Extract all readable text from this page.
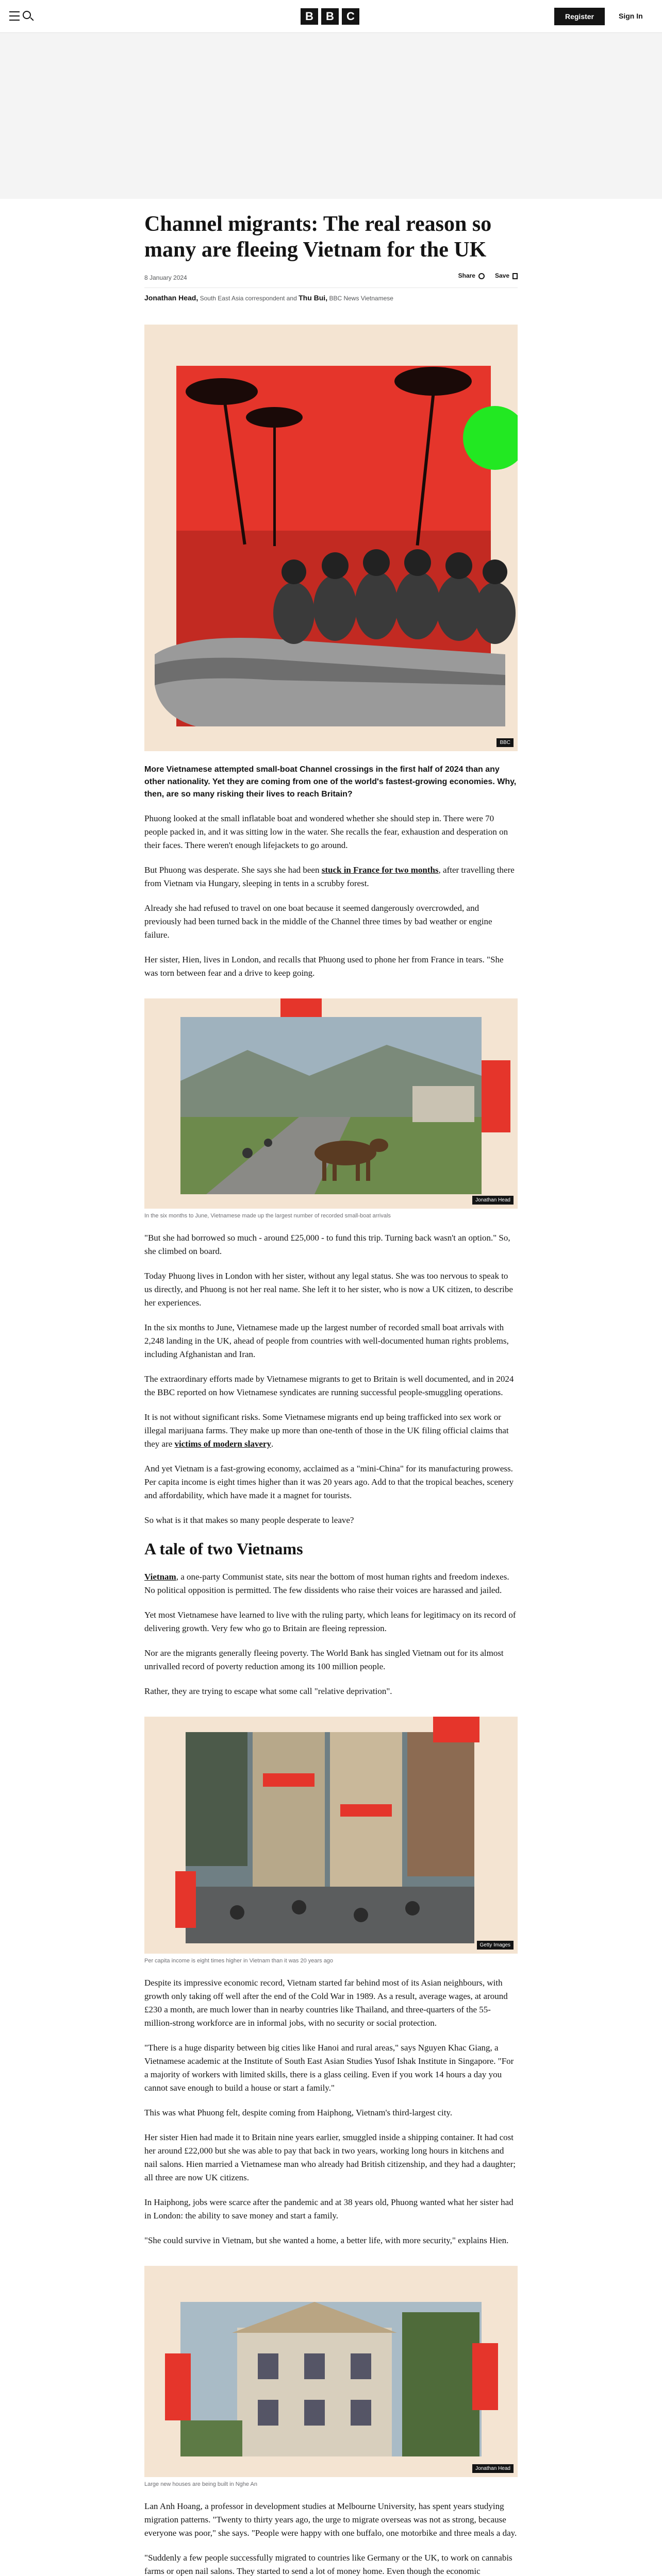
B	B	C	Register	Sign In
Channel migrants: The real reason so many are fleeing Vietnam for the UK
8 January 2024	Share	Save
Jonathan Head, South East Asia correspondent and Thu Bui, BBC News Vietnamese
BBC

More Vietnamese attempted small-boat Channel crossings in the first half of 2024 than any other nationality. Yet they are coming from one of the world's fastest-growing economies. Why, then, are so many risking their lives to reach Britain?

Phuong looked at the small inflatable boat and wondered whether she should step in. There were 70 people packed in, and it was sitting low in the water. She recalls the fear, exhaustion and desperation on their faces. There weren't enough lifejackets to go around.

But Phuong was desperate. She says she had been stuck in France for two months, after travelling there from Vietnam via Hungary, sleeping in tents in a scrubby forest.

Already she had refused to travel on one boat because it seemed dangerously overcrowded, and previously had been turned back in the middle of the Channel three times by bad weather or engine failure.

Her sister, Hien, lives in London, and recalls that Phuong used to phone her from France in tears. "She was torn between fear and a drive to keep going.

Jonathan Head

In the six months to June, Vietnamese made up the largest number of recorded small-boat arrivals

"But she had borrowed so much - around £25,000 - to fund this trip. Turning back wasn't an option." So, she climbed on board.

Today Phuong lives in London with her sister, without any legal status. She was too nervous to speak to us directly, and Phuong is not her real name. She left it to her sister, who is now a UK citizen, to describe her experiences.

In the six months to June, Vietnamese made up the largest number of recorded small boat arrivals with 2,248 landing in the UK, ahead of people from countries with well-documented human rights problems, including Afghanistan and Iran.

The extraordinary efforts made by Vietnamese migrants to get to Britain is well documented, and in 2024 the BBC reported on how Vietnamese syndicates are running successful people-smuggling operations.

It is not without significant risks. Some Vietnamese migrants end up being trafficked into sex work or illegal marijuana farms. They make up more than one-tenth of those in the UK filing official claims that they are victims of modern slavery.

And yet Vietnam is a fast-growing economy, acclaimed as a "mini-China" for its manufacturing prowess. Per capita income is eight times higher than it was 20 years ago. Add to that the tropical beaches, scenery and affordability, which have made it a magnet for tourists.

So what is it that makes so many people desperate to leave?

A tale of two Vietnams

Vietnam, a one-party Communist state, sits near the bottom of most human rights and freedom indexes. No political opposition is permitted. The few dissidents who raise their voices are harassed and jailed.

Yet most Vietnamese have learned to live with the ruling party, which leans for legitimacy on its record of delivering growth. Very few who go to Britain are fleeing repression.

Nor are the migrants generally fleeing poverty. The World Bank has singled Vietnam out for its almost unrivalled record of poverty reduction among its 100 million people.

Rather, they are trying to escape what some call "relative deprivation".

Getty Images

Per capita income is eight times higher in Vietnam than it was 20 years ago

Despite its impressive economic record, Vietnam started far behind most of its Asian neighbours, with growth only taking off well after the end of the Cold War in 1989. As a result, average wages, at around £230 a month, are much lower than in nearby countries like Thailand, and three-quarters of the 55-million-strong workforce are in informal jobs, with no security or social protection.

"There is a huge disparity between big cities like Hanoi and rural areas," says Nguyen Khac Giang, a Vietnamese academic at the Institute of South East Asian Studies Yusof Ishak Institute in Singapore. "For a majority of workers with limited skills, there is a glass ceiling. Even if you work 14 hours a day you cannot save enough to build a house or start a family."

This was what Phuong felt, despite coming from Haiphong, Vietnam's third-largest city.

Her sister Hien had made it to Britain nine years earlier, smuggled inside a shipping container. It had cost her around £22,000 but she was able to pay that back in two years, working long hours in kitchens and nail salons. Hien married a Vietnamese man who already had British citizenship, and they had a daughter; all three are now UK citizens.

In Haiphong, jobs were scarce after the pandemic and at 38 years old, Phuong wanted what her sister had in London: the ability to save money and start a family.

"She could survive in Vietnam, but she wanted a home, a better life, with more security," explains Hien.

Jonathan Head

Large new houses are being built in Nghe An

Lan Anh Hoang, a professor in development studies at Melbourne University, has spent years studying migration patterns. "Twenty to thirty years ago, the urge to migrate overseas was not as strong, because everyone was poor," she says. "People were happy with one buffalo, one motorbike and three meals a day.

"Suddenly a few people successfully migrated to countries like Germany or the UK, to work on cannabis farms or open nail salons. They started to send a lot of money home. Even though the economic
